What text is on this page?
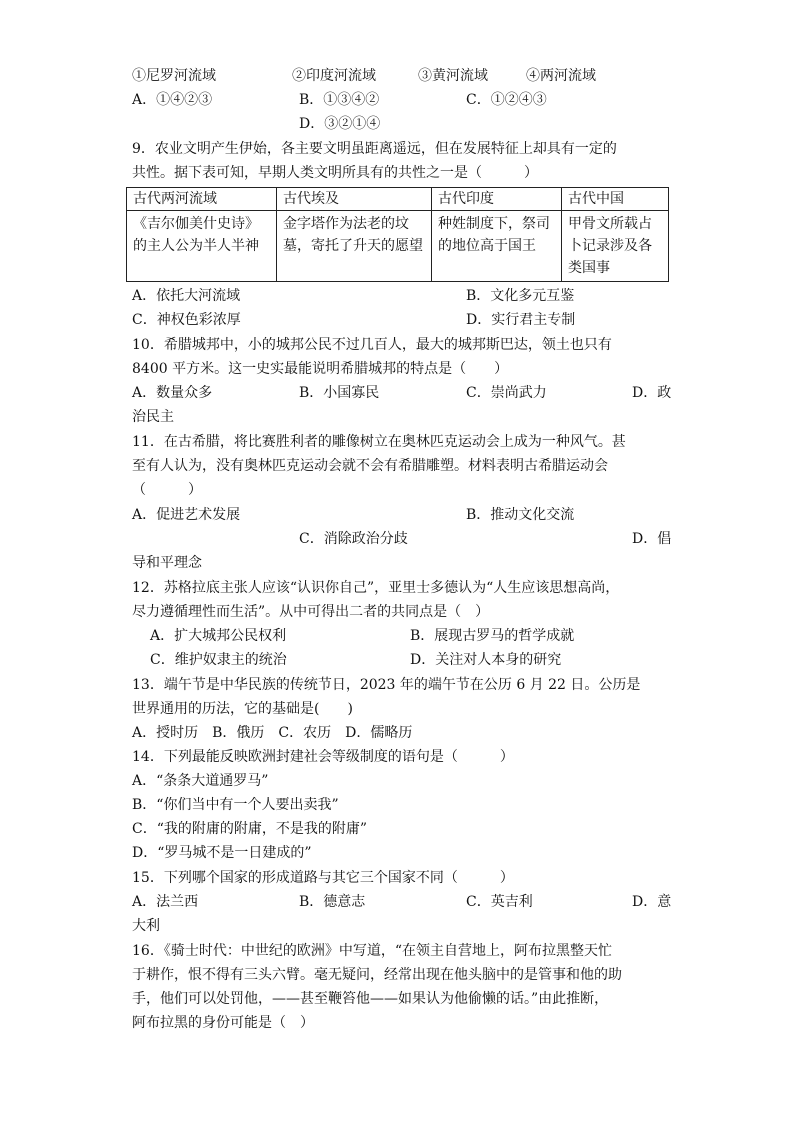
①尼罗河流域	②印度河流域	③黄河流域	④两河流域
A．①④②③	B．①③④②	C．①②④③
D．③②①④
9．农业文明产生伊始，各主要文明虽距离遥远，但在发展特征上却具有一定的
共性。据下表可知，早期人类文明所具有的共性之一是（　　　）
古代两河流域	古代埃及	古代印度	古代中国
《吉尔伽美什史诗》的主人公为半人半神	金字塔作为法老的坟墓，寄托了升天的愿望	种姓制度下，祭司的地位高于国王	甲骨文所载占卜记录涉及各类国事
A．依托大河流域	B．文化多元互鉴
C．神权色彩浓厚	D．实行君主专制
10．希腊城邦中，小的城邦公民不过几百人，最大的城邦斯巴达，领土也只有
8400 平方米。这一史实最能说明希腊城邦的特点是（　　）
A．数量众多	B．小国寡民	C．崇尚武力	D．政
治民主
11．在古希腊，将比赛胜利者的雕像树立在奥林匹克运动会上成为一种风气。甚
至有人认为，没有奥林匹克运动会就不会有希腊雕塑。材料表明古希腊运动会
（　　　）
A．促进艺术发展	B．推动文化交流
C．消除政治分歧	D．倡
导和平理念
12．苏格拉底主张人应该“认识你自己”，亚里士多德认为“人生应该思想高尚，
尽力遵循理性而生活”。从中可得出二者的共同点是（　）
A．扩大城邦公民权利	B．展现古罗马的哲学成就
C．维护奴隶主的统治	D．关注对人本身的研究
13．端午节是中华民族的传统节日，2023 年的端午节在公历 6 月 22 日。公历是
世界通用的历法，它的基础是(　　)
A．授时历　B．俄历　C．农历　D．儒略历
14．下列最能反映欧洲封建社会等级制度的语句是（　　　）
A．“条条大道通罗马”
B．“你们当中有一个人要出卖我”
C．“我的附庸的附庸，不是我的附庸”
D．“罗马城不是一日建成的”
15．下列哪个国家的形成道路与其它三个国家不同（　　　）
A．法兰西	B．德意志	C．英吉利	D．意
大利
16．《骑士时代：中世纪的欧洲》中写道，“在领主自营地上，阿布拉黑整天忙
于耕作，恨不得有三头六臂。毫无疑问，经常出现在他头脑中的是管事和他的助
手，他们可以处罚他，——甚至鞭笞他——如果认为他偷懒的话。”由此推断，
阿布拉黑的身份可能是（　）
